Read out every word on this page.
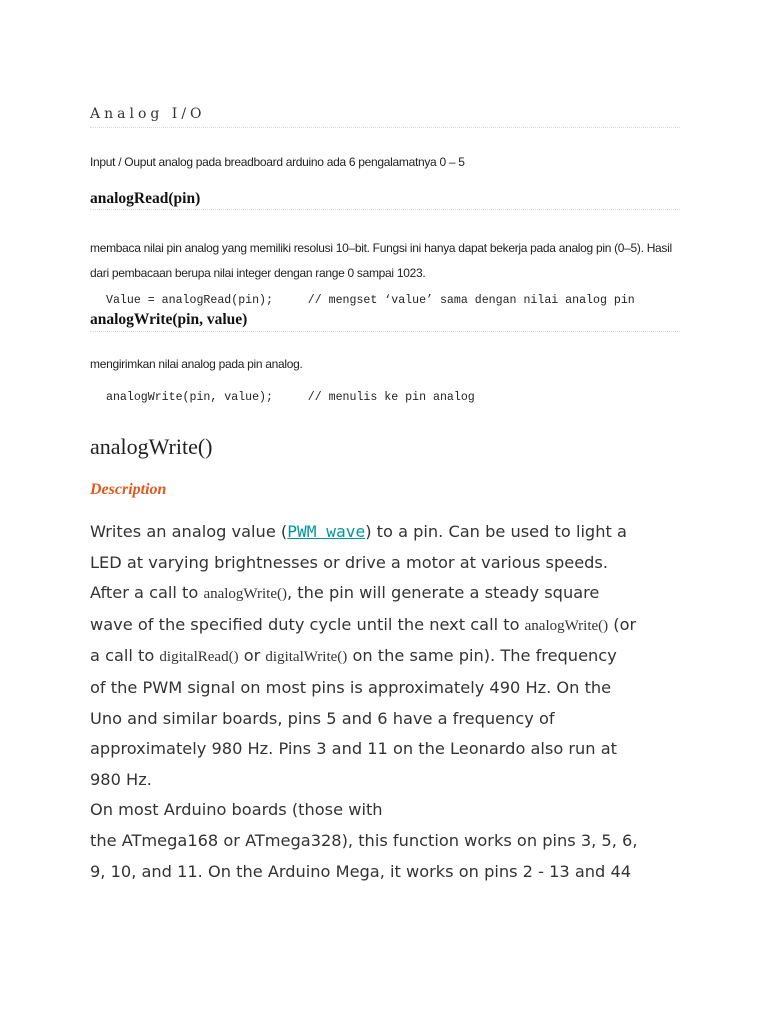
Analog I/O
Input / Ouput analog pada breadboard arduino ada 6 pengalamatnya 0 – 5
analogRead(pin)
membaca nilai pin analog yang memiliki resolusi 10–bit. Fungsi ini hanya dapat bekerja pada analog pin (0–5). Hasil dari pembacaan berupa nilai integer dengan range 0 sampai 1023.
Value = analogRead(pin);     // mengset ‘value’ sama dengan nilai analog pin
analogWrite(pin, value)
mengirimkan nilai analog pada pin analog.
analogWrite(pin, value);     // menulis ke pin analog
analogWrite()
Description
Writes an analog value (PWM wave) to a pin. Can be used to light a
LED at varying brightnesses or drive a motor at various speeds.
After a call to analogWrite(), the pin will generate a steady square
wave of the specified duty cycle until the next call to analogWrite() (or
a call to digitalRead() or digitalWrite() on the same pin). The frequency
of the PWM signal on most pins is approximately 490 Hz. On the
Uno and similar boards, pins 5 and 6 have a frequency of
approximately 980 Hz. Pins 3 and 11 on the Leonardo also run at
980 Hz.
On most Arduino boards (those with
the ATmega168 or ATmega328), this function works on pins 3, 5, 6,
9, 10, and 11. On the Arduino Mega, it works on pins 2 - 13 and 44
